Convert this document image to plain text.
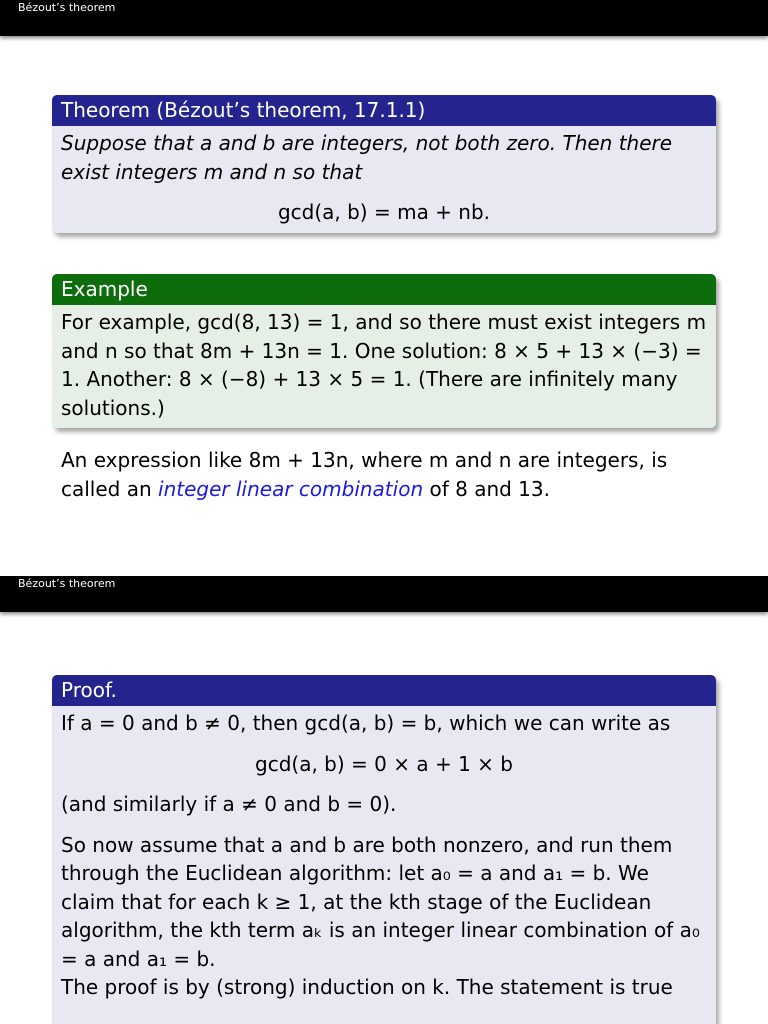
Bézout’s theorem
Theorem (Bézout’s theorem, 17.1.1)
Suppose that a and b are integers, not both zero. Then there exist integers m and n so that
gcd(a, b) = ma + nb.
Example
For example, gcd(8, 13) = 1, and so there must exist integers m and n so that 8m + 13n = 1. One solution: 8 × 5 + 13 × (−3) = 1. Another: 8 × (−8) + 13 × 5 = 1. (There are infinitely many solutions.)
An expression like 8m + 13n, where m and n are integers, is called an integer linear combination of 8 and 13.
Bézout’s theorem
Proof.

If a = 0 and b ≠ 0, then gcd(a, b) = b, which we can write as

gcd(a, b) = 0 × a + 1 × b

(and similarly if a ≠ 0 and b = 0).

So now assume that a and b are both nonzero, and run them through the Euclidean algorithm: let a₀ = a and a₁ = b. We claim that for each k ≥ 1, at the kth stage of the Euclidean algorithm, the kth term aₖ is an integer linear combination of a₀ = a and a₁ = b.

The proof is by (strong) induction on k. The statement is true
